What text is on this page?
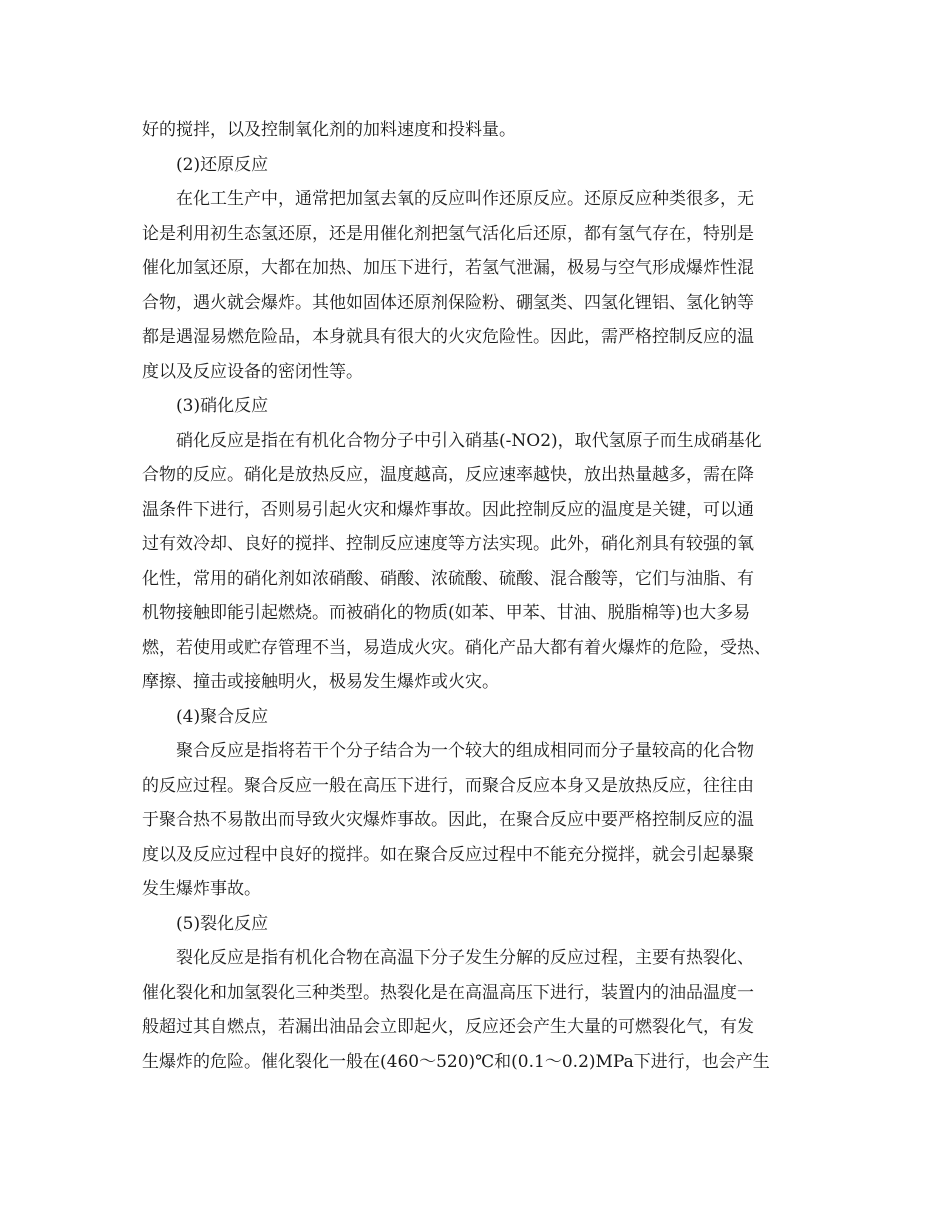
好的搅拌，以及控制氧化剂的加料速度和投料量。

(2)还原反应

在化工生产中，通常把加氢去氧的反应叫作还原反应。还原反应种类很多，无
论是利用初生态氢还原，还是用催化剂把氢气活化后还原，都有氢气存在，特别是
催化加氢还原，大都在加热、加压下进行，若氢气泄漏，极易与空气形成爆炸性混
合物，遇火就会爆炸。其他如固体还原剂保险粉、硼氢类、四氢化锂铝、氢化钠等
都是遇湿易燃危险品，本身就具有很大的火灾危险性。因此，需严格控制反应的温
度以及反应设备的密闭性等。

(3)硝化反应

硝化反应是指在有机化合物分子中引入硝基(-NO2)，取代氢原子而生成硝基化
合物的反应。硝化是放热反应，温度越高，反应速率越快，放出热量越多，需在降
温条件下进行，否则易引起火灾和爆炸事故。因此控制反应的温度是关键，可以通
过有效冷却、良好的搅拌、控制反应速度等方法实现。此外，硝化剂具有较强的氧
化性，常用的硝化剂如浓硝酸、硝酸、浓硫酸、硫酸、混合酸等，它们与油脂、有
机物接触即能引起燃烧。而被硝化的物质(如苯、甲苯、甘油、脱脂棉等)也大多易
燃，若使用或贮存管理不当，易造成火灾。硝化产品大都有着火爆炸的危险，受热、
摩擦、撞击或接触明火，极易发生爆炸或火灾。

(4)聚合反应

聚合反应是指将若干个分子结合为一个较大的组成相同而分子量较高的化合物
的反应过程。聚合反应一般在高压下进行，而聚合反应本身又是放热反应，往往由
于聚合热不易散出而导致火灾爆炸事故。因此，在聚合反应中要严格控制反应的温
度以及反应过程中良好的搅拌。如在聚合反应过程中不能充分搅拌，就会引起暴聚
发生爆炸事故。

(5)裂化反应

裂化反应是指有机化合物在高温下分子发生分解的反应过程，主要有热裂化、
催化裂化和加氢裂化三种类型。热裂化是在高温高压下进行，装置内的油品温度一
般超过其自燃点，若漏出油品会立即起火，反应还会产生大量的可燃裂化气，有发
生爆炸的危险。催化裂化一般在(460～520)℃和(0.1～0.2)MPa下进行，也会产生
